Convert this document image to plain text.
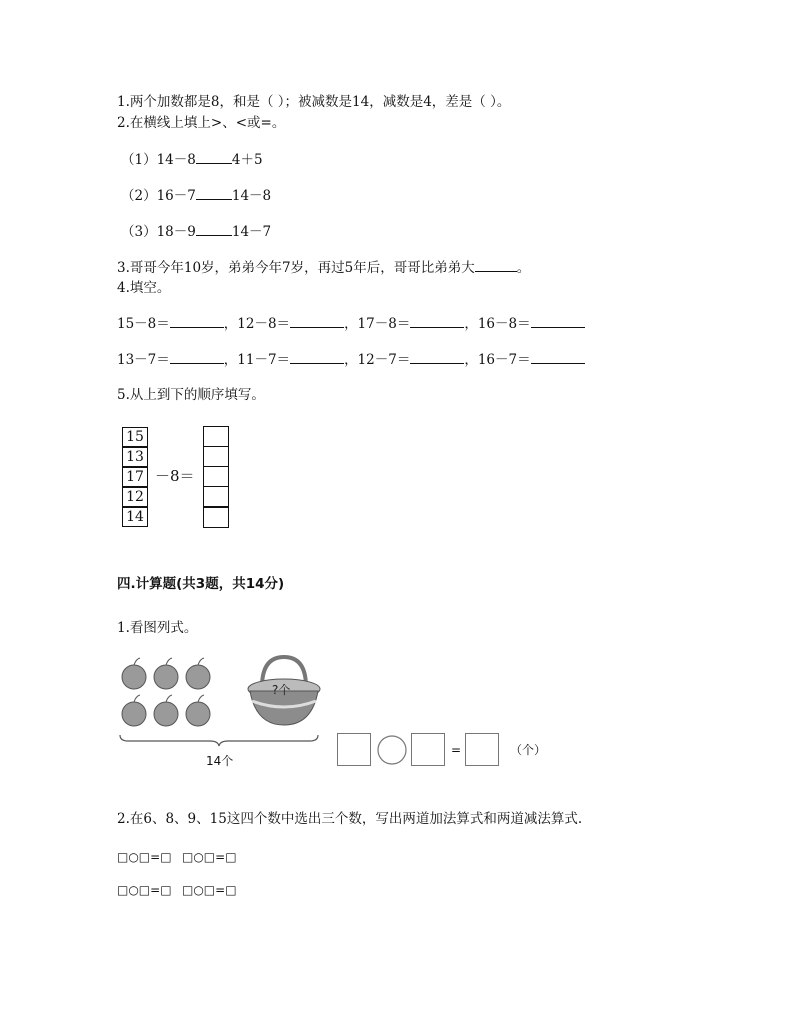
1.两个加数都是8，和是（ ）；被减数是14，减数是4，差是（ ）。
2.在横线上填上>、<或=。
（1）14－8	4＋5
（2）16－7	14－8
（3）18－9	14－7
3.哥哥今年10岁，弟弟今年7岁，再过5年后，哥哥比弟弟大	。
4.填空。
15－8＝	，12－8＝	，17－8＝	，16－8＝
13－7＝	，11－7＝	，12－7＝	，16－7＝
5.从上到下的顺序填写。
15
13
17
12
14
－8＝
四.计算题(共3题，共14分)
1.看图列式。
?个
14个
=	（个）
2.在6、8、9、15这四个数中选出三个数，写出两道加法算式和两道减法算式.
□○□=□ □○□=□
□○□=□ □○□=□
